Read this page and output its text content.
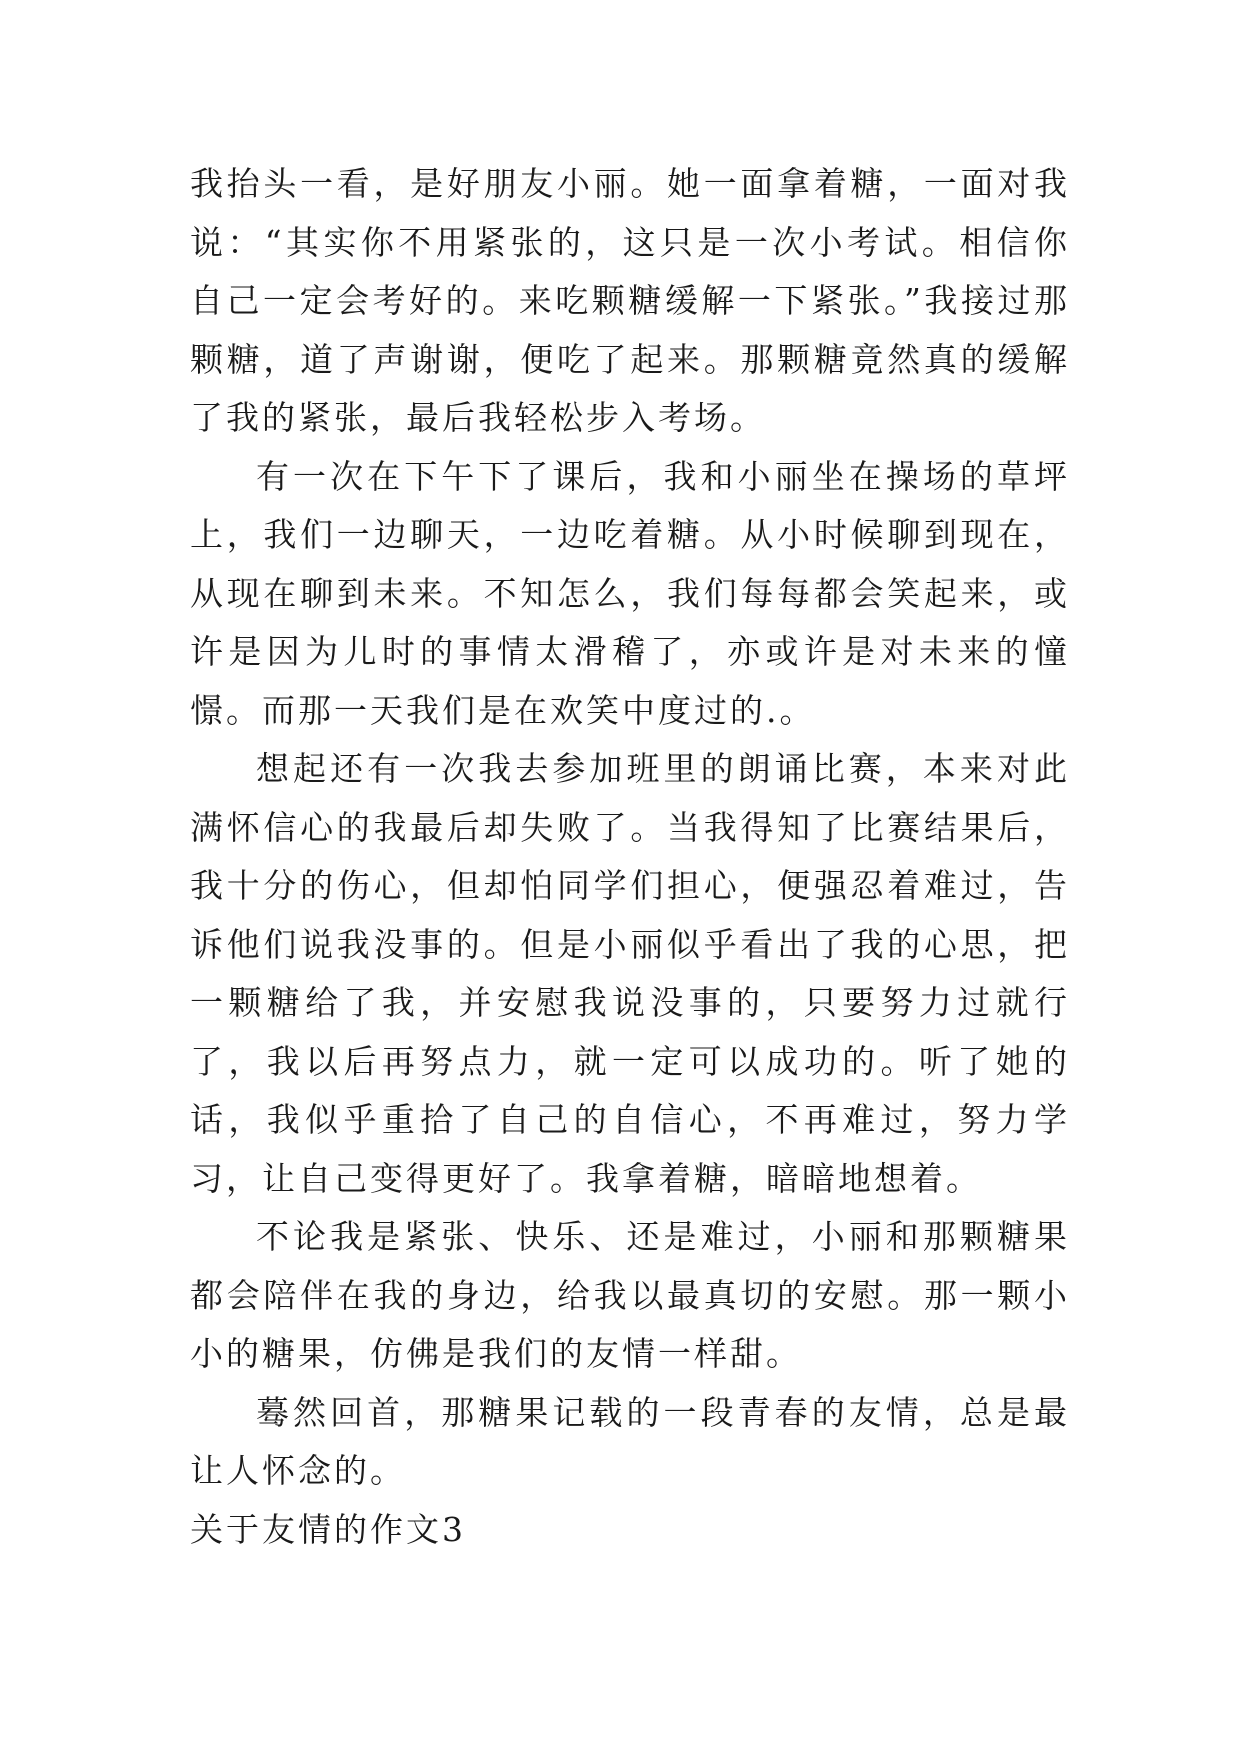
我抬头一看，是好朋友小丽。她一面拿着糖，一面对我说：“其实你不用紧张的，这只是一次小考试。相信你自己一定会考好的。来吃颗糖缓解一下紧张。”我接过那颗糖，道了声谢谢，便吃了起来。那颗糖竟然真的缓解了我的紧张，最后我轻松步入考场。

有一次在下午下了课后，我和小丽坐在操场的草坪上，我们一边聊天，一边吃着糖。从小时候聊到现在，从现在聊到未来。不知怎么，我们每每都会笑起来，或许是因为儿时的事情太滑稽了，亦或许是对未来的憧憬。而那一天我们是在欢笑中度过的.。

想起还有一次我去参加班里的朗诵比赛，本来对此满怀信心的我最后却失败了。当我得知了比赛结果后，我十分的伤心，但却怕同学们担心，便强忍着难过，告诉他们说我没事的。但是小丽似乎看出了我的心思，把一颗糖给了我，并安慰我说没事的，只要努力过就行了，我以后再努点力，就一定可以成功的。听了她的话，我似乎重拾了自己的自信心，不再难过，努力学习，让自己变得更好了。我拿着糖，暗暗地想着。

不论我是紧张、快乐、还是难过，小丽和那颗糖果都会陪伴在我的身边，给我以最真切的安慰。那一颗小小的糖果，仿佛是我们的友情一样甜。

蓦然回首，那糖果记载的一段青春的友情，总是最让人怀念的。

关于友情的作文3
